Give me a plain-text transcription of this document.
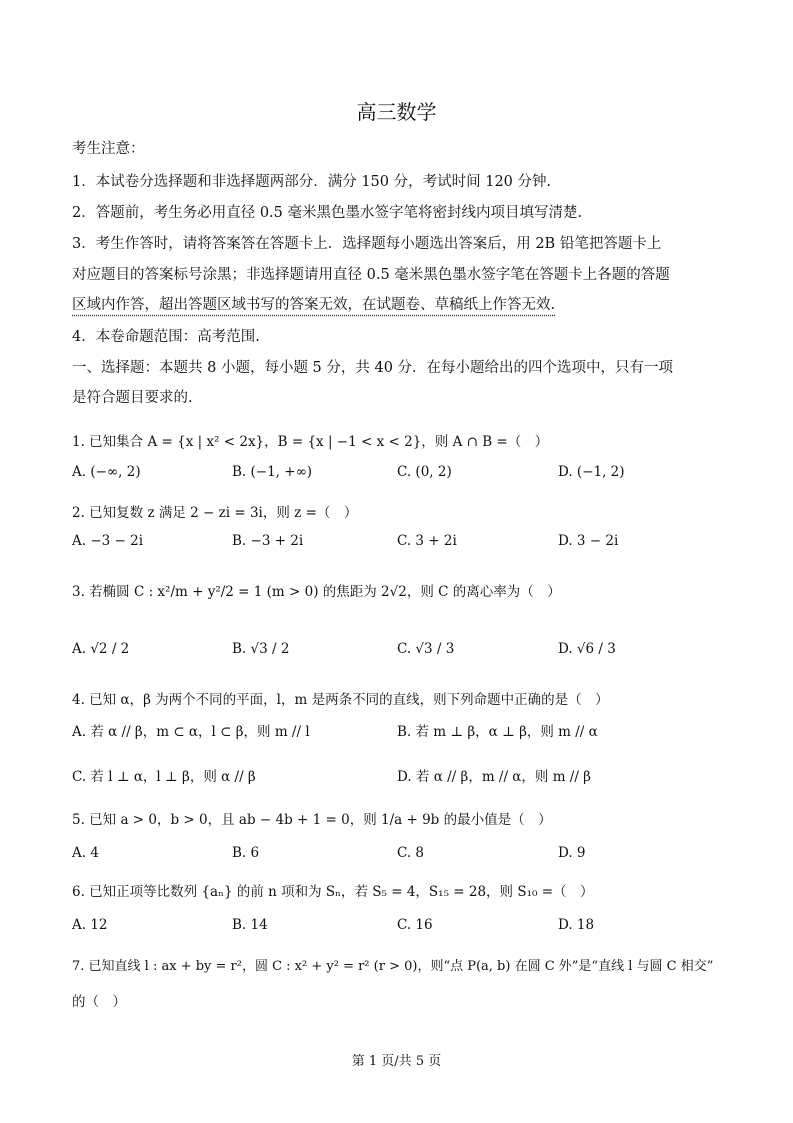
高三数学
考生注意：
1．本试卷分选择题和非选择题两部分．满分 150 分，考试时间 120 分钟.
2．答题前，考生务必用直径 0.5 毫米黑色墨水签字笔将密封线内项目填写清楚.
3．考生作答时，请将答案答在答题卡上．选择题每小题选出答案后，用 2B 铅笔把答题卡上
对应题目的答案标号涂黑；非选择题请用直径 0.5 毫米黑色墨水签字笔在答题卡上各题的答题
区域内作答，超出答题区域书写的答案无效，在试题卷、草稿纸上作答无效.
4．本卷命题范围：高考范围.
一、选择题：本题共 8 小题，每小题 5 分，共 40 分．在每小题给出的四个选项中，只有一项
是符合题目要求的.
1. 已知集合 A = {x | x² < 2x}，B = {x | −1 < x < 2}，则 A ∩ B =（　）
A. (−∞, 2)	B. (−1, +∞)	C. (0, 2)	D. (−1, 2)
2. 已知复数 z 满足 2 − zi = 3i，则 z =（　）
A. −3 − 2i	B. −3 + 2i	C. 3 + 2i	D. 3 − 2i
3. 若椭圆 C : x²/m + y²/2 = 1 (m > 0) 的焦距为 2√2，则 C 的离心率为（　）
A. √2 / 2	B. √3 / 2	C. √3 / 3	D. √6 / 3
4. 已知 α，β 为两个不同的平面，l，m 是两条不同的直线，则下列命题中正确的是（　）
A. 若 α // β，m ⊂ α，l ⊂ β，则 m // l	B. 若 m ⊥ β，α ⊥ β，则 m // α
C. 若 l ⊥ α，l ⊥ β，则 α // β	D. 若 α // β，m // α，则 m // β
5. 已知 a > 0，b > 0，且 ab − 4b + 1 = 0，则 1/a + 9b 的最小值是（　）
A. 4	B. 6	C. 8	D. 9
6. 已知正项等比数列 {aₙ} 的前 n 项和为 Sₙ，若 S₅ = 4，S₁₅ = 28，则 S₁₀ =（　）
A. 12	B. 14	C. 16	D. 18
7. 已知直线 l : ax + by = r²，圆 C : x² + y² = r² (r > 0)，则“点 P(a, b) 在圆 C 外”是“直线 l 与圆 C 相交”
的（　）
第 1 页/共 5 页
